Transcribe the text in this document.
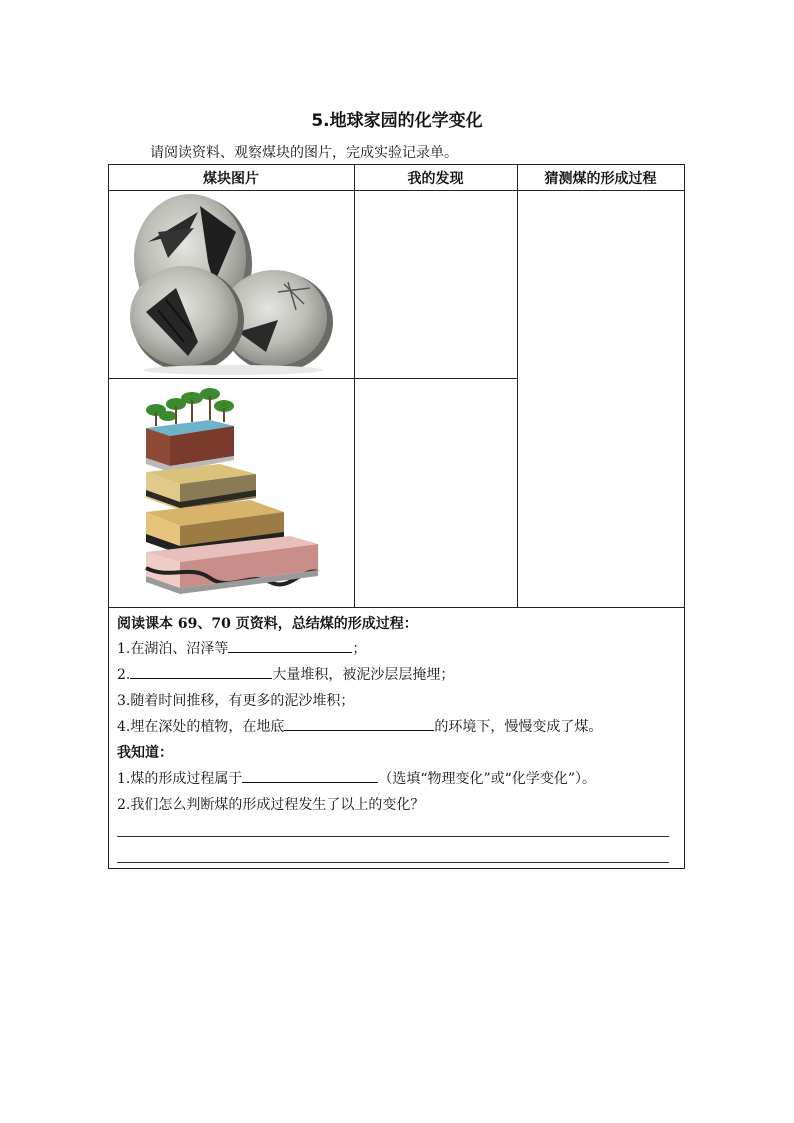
5.地球家园的化学变化
请阅读资料、观察煤块的图片，完成实验记录单。
煤块图片	我的发现	猜测煤的形成过程
阅读课本 69、70 页资料，总结煤的形成过程：
1.在湖泊、沼泽等	；
2.	大量堆积，被泥沙层层掩埋；
3.随着时间推移，有更多的泥沙堆积；
4.埋在深处的植物，在地底	的环境下，慢慢变成了煤。
我知道：
1.煤的形成过程属于	（选填“物理变化”或“化学变化”）。
2.我们怎么判断煤的形成过程发生了以上的变化？
